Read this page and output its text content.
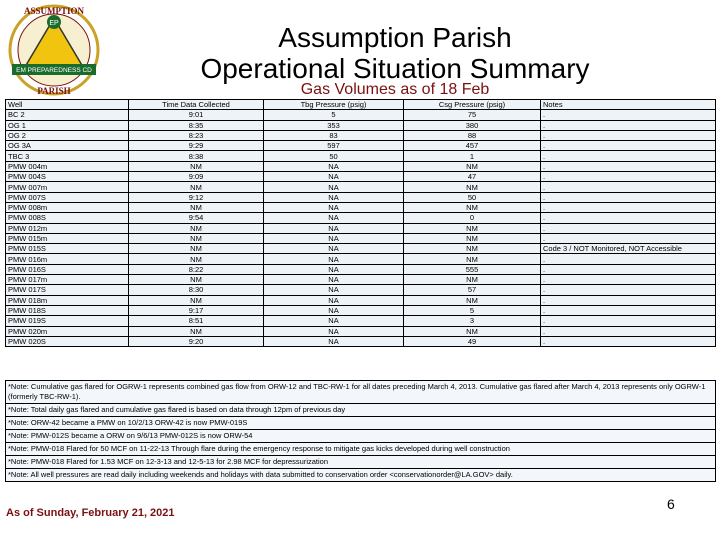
EP
EM PREPAREDNESS CD
ASSUMPTION
PARISH
Assumption Parish
Operational Situation Summary
Gas Volumes as of 18 Feb
Well	Time Data Collected	Tbg Pressure (psig)	Csg Pressure (psig)	Notes
BC 2	9:01	5	75	.
OG 1	8:35	353	380	.
OG 2	8:23	83	88	.
OG 3A	9:29	597	457	.
TBC 3	8:38	50	1	.
PMW 004m	NM	NA	NM	.
PMW 004S	9:09	NA	47	.
PMW 007m	NM	NA	NM	.
PMW 007S	9:12	NA	50	.
PMW 008m	NM	NA	NM	.
PMW 008S	9:54	NA	0	.
PMW 012m	NM	NA	NM	.
PMW 015m	NM	NA	NM	.
PMW 015S	NM	NA	NM	Code 3 / NOT Monitored, NOT Accessible
PMW 016m	NM	NA	NM	.
PMW 016S	8:22	NA	555	.
PMW 017m	NM	NA	NM	.
PMW 017S	8:30	NA	57	.
PMW 018m	NM	NA	NM	.
PMW 018S	9:17	NA	5	.
PMW 019S	8:51	NA	3	.
PMW 020m	NM	NA	NM	.
PMW 020S	9:20	NA	49	.
*Note: Cumulative gas flared for OGRW-1 represents combined gas flow from ORW-12 and TBC-RW-1 for all dates preceding March 4, 2013. Cumulative gas flared after March 4, 2013 represents only OGRW-1 (formerly TBC-RW-1).
*Note: Total daily gas flared and cumulative gas flared is based on data through 12pm of previous day
*Note: ORW-42 became a PMW on 10/2/13 ORW-42 is now PMW-019S
*Note: PMW-012S became a ORW on 9/6/13 PMW-012S is now ORW-54
*Note: PMW-018 Flared for 50 MCF on 11-22-13 Through flare during the emergency response to mitigate gas kicks developed during well construction
*Note: PMW-018 Flared for 1.53 MCF on 12-3-13 and 12-5-13 for 2.98 MCF for depressurization
*Note: All well pressures are read daily including weekends and holidays with data submitted to conservation order <conservationorder@LA.GOV> daily.
As of Sunday, February 21, 2021
6
